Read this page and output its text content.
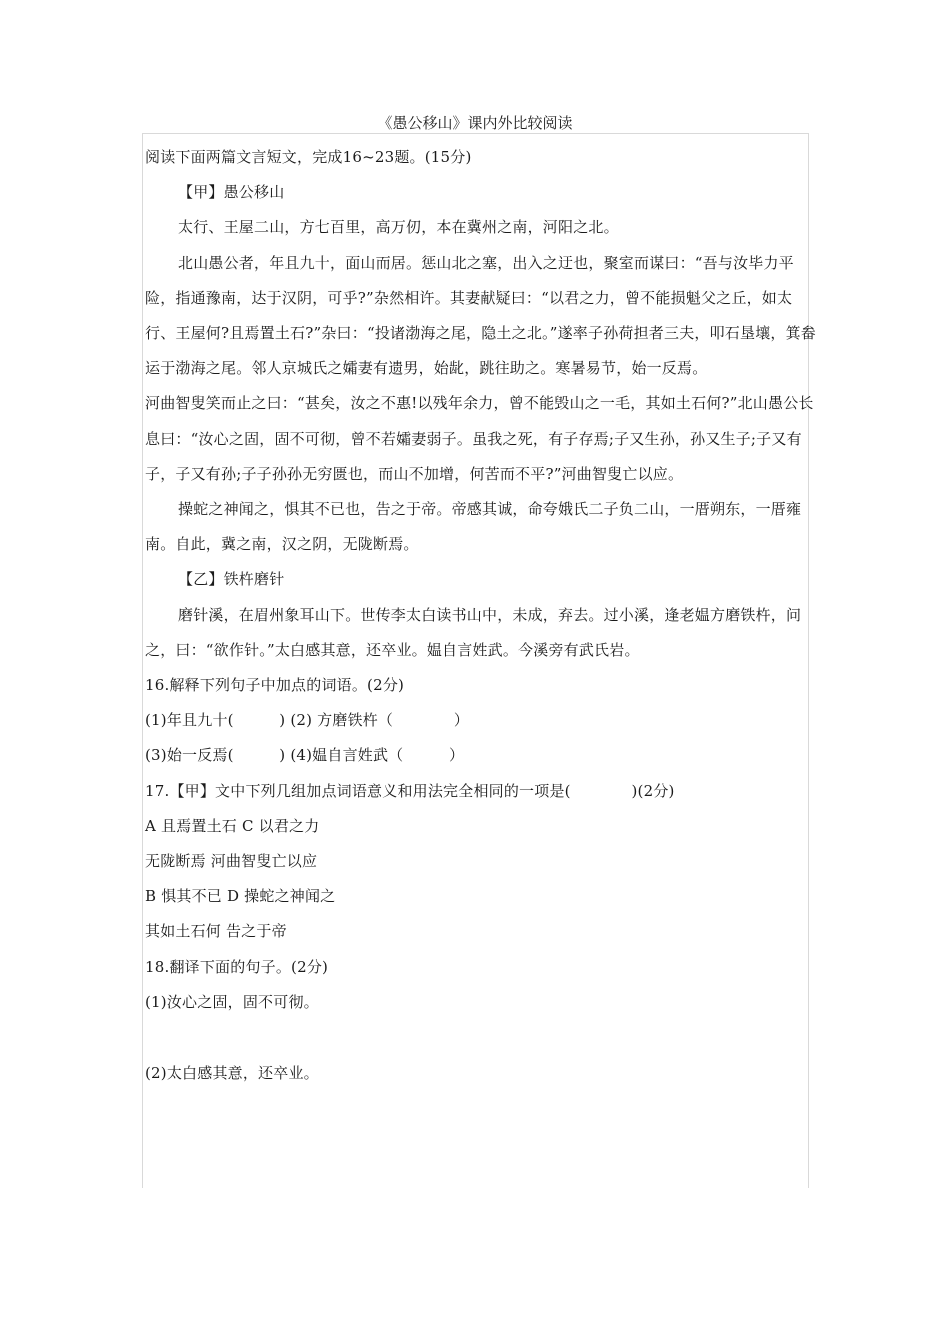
《愚公移山》课内外比较阅读

阅读下面两篇文言短文，完成16~23题。(15分)

【甲】愚公移山

太行、王屋二山，方七百里，高万仞，本在冀州之南，河阳之北。

北山愚公者，年且九十，面山而居。惩山北之塞，出入之迂也，聚室而谋曰：“吾与汝毕力平险，指通豫南，达于汉阴，可乎?”杂然相许。其妻献疑曰：“以君之力，曾不能损魁父之丘，如太行、王屋何?且焉置土石?”杂曰：“投诸渤海之尾，隐土之北。”遂率子孙荷担者三夫，叩石垦壤，箕畚运于渤海之尾。邻人京城氏之孀妻有遗男，始龀，跳往助之。寒暑易节，始一反焉。

河曲智叟笑而止之曰：“甚矣，汝之不惠!以残年余力，曾不能毁山之一毛，其如土石何?”北山愚公长息曰：“汝心之固，固不可彻，曾不若孀妻弱子。虽我之死，有子存焉;子又生孙，孙又生子;子又有子，子又有孙;子子孙孙无穷匮也，而山不加增，何苦而不平?”河曲智叟亡以应。

操蛇之神闻之，惧其不已也，告之于帝。帝感其诚，命夸娥氏二子负二山，一厝朔东，一厝雍南。自此，冀之南，汉之阴，无陇断焉。

【乙】铁杵磨针

磨针溪，在眉州象耳山下。世传李太白读书山中，未成，弃去。过小溪，逢老媪方磨铁杵，问之，曰：“欲作针。”太白感其意，还卒业。媪自言姓武。今溪旁有武氏岩。

16.解释下列句子中加点的词语。(2分)

(1)年且九十(　　　) (2) 方磨铁杵（　　　　）

(3)始一反焉(　　　) (4)媪自言姓武（　　　）

17.【甲】文中下列几组加点词语意义和用法完全相同的一项是(　　　　)(2分)

A 且焉置土石 C 以君之力

无陇断焉 河曲智叟亡以应

B 惧其不已 D 操蛇之神闻之

其如土石何 告之于帝

18.翻译下面的句子。(2分)

(1)汝心之固，固不可彻。

(2)太白感其意，还卒业。
